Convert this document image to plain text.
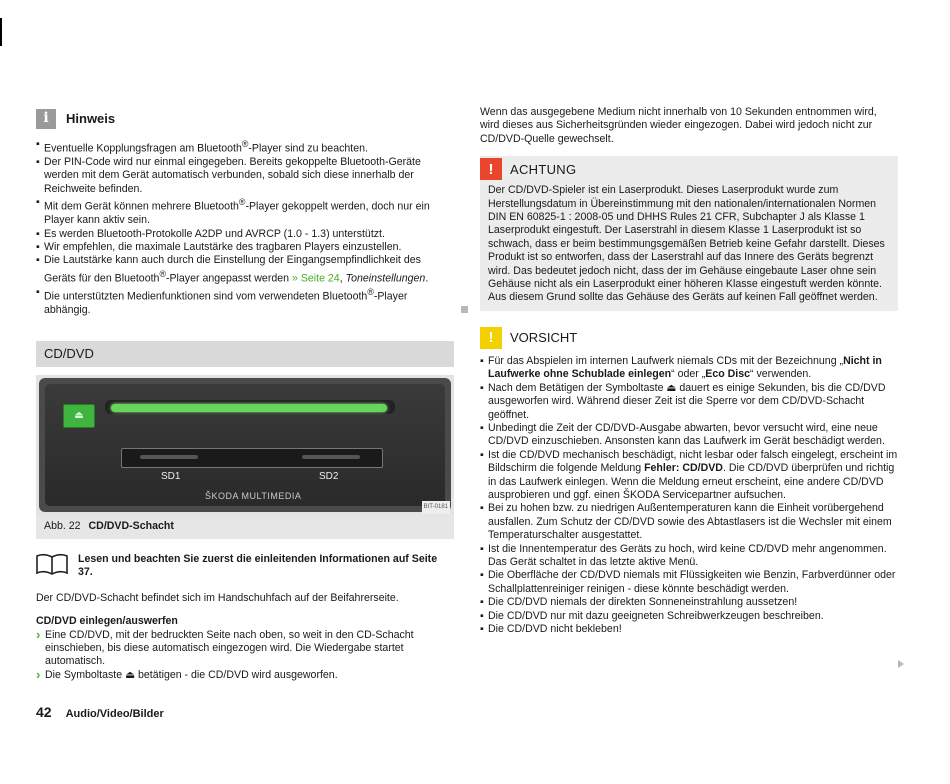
i	Hinweis
▪ Eventuelle Kopplungsfragen am Bluetooth®-Player sind zu beachten.
▪ Der PIN-Code wird nur einmal eingegeben. Bereits gekoppelte Bluetooth-Geräte werden mit dem Gerät automatisch verbunden, sobald sich diese innerhalb der Reichweite befinden.
▪ Mit dem Gerät können mehrere Bluetooth®-Player gekoppelt werden, doch nur ein Player kann aktiv sein.
▪ Es werden Bluetooth-Protokolle A2DP und AVRCP (1.0 - 1.3) unterstützt.
▪ Wir empfehlen, die maximale Lautstärke des tragbaren Players einzustellen.
▪ Die Lautstärke kann auch durch die Einstellung der Eingangsempfindlichkeit des Geräts für den Bluetooth®-Player angepasst werden » Seite 24, Toneinstellungen.
▪ Die unterstützten Medienfunktionen sind vom verwendeten Bluetooth®-Player abhängig.
CD/DVD
⏏
SD1	SD2
ŠKODA MULTIMEDIA
BIT-0181
Abb. 22 CD/DVD-Schacht
Lesen und beachten Sie zuerst die einleitenden Informationen auf Seite 37.

Der CD/DVD-Schacht befindet sich im Handschuhfach auf der Beifahrerseite.

CD/DVD einlegen/auswerfen

› Eine CD/DVD, mit der bedruckten Seite nach oben, so weit in den CD-Schacht einschieben, bis diese automatisch eingezogen wird. Die Wiedergabe startet automatisch.
› Die Symboltaste ⏏ betätigen - die CD/DVD wird ausgeworfen.

Wenn das ausgegebene Medium nicht innerhalb von 10 Sekunden entnommen wird, wird dieses aus Sicherheitsgründen wieder eingezogen. Dabei wird jedoch nicht zur CD/DVD-Quelle gewechselt.

!	ACHTUNG

Der CD/DVD-Spieler ist ein Laserprodukt. Dieses Laserprodukt wurde zum Herstellungsdatum in Übereinstimmung mit den nationalen/internationalen Normen DIN EN 60825-1 : 2008-05 und DHHS Rules 21 CFR, Subchapter J als Klasse 1 Laserprodukt eingestuft. Der Laserstrahl in diesem Klasse 1 Laserprodukt ist so schwach, dass er beim bestimmungsgemäßen Betrieb keine Gefahr darstellt. Dieses Produkt ist so entworfen, dass der Laserstrahl auf das Innere des Geräts begrenzt wird. Das bedeutet jedoch nicht, dass der im Gehäuse eingebaute Laser ohne sein Gehäuse nicht als ein Laserprodukt einer höheren Klasse eingestuft werden könnte. Aus diesem Grund sollte das Gehäuse des Geräts auf keinen Fall geöffnet werden.

!	VORSICHT
▪ Für das Abspielen im internen Laufwerk niemals CDs mit der Bezeichnung „Nicht in Laufwerke ohne Schublade einlegen“ oder „Eco Disc“ verwenden.
▪ Nach dem Betätigen der Symboltaste ⏏ dauert es einige Sekunden, bis die CD/DVD ausgeworfen wird. Während dieser Zeit ist die Sperre vor dem CD/DVD-Schacht geöffnet.
▪ Unbedingt die Zeit der CD/DVD-Ausgabe abwarten, bevor versucht wird, eine neue CD/DVD einzuschieben. Ansonsten kann das Laufwerk im Gerät beschädigt werden.
▪ Ist die CD/DVD mechanisch beschädigt, nicht lesbar oder falsch eingelegt, erscheint im Bildschirm die folgende Meldung Fehler: CD/DVD. Die CD/DVD überprüfen und richtig in das Laufwerk einlegen. Wenn die Meldung erneut erscheint, eine andere CD/DVD ausprobieren und ggf. einen ŠKODA Servicepartner aufsuchen.
▪ Bei zu hohen bzw. zu niedrigen Außentemperaturen kann die Einheit vorübergehend ausfallen. Zum Schutz der CD/DVD sowie des Abtastlasers ist die Wechsler mit einem Temperaturschalter ausgestattet.
▪ Ist die Innentemperatur des Geräts zu hoch, wird keine CD/DVD mehr angenommen. Das Gerät schaltet in das letzte aktive Menü.
▪ Die Oberfläche der CD/DVD niemals mit Flüssigkeiten wie Benzin, Farbverdünner oder Schallplattenreiniger reinigen - diese könnte beschädigt werden.
▪ Die CD/DVD niemals der direkten Sonneneinstrahlung aussetzen!
▪ Die CD/DVD nur mit dazu geeigneten Schreibwerkzeugen beschreiben.
▪ Die CD/DVD nicht bekleben!
42 Audio/Video/Bilder
